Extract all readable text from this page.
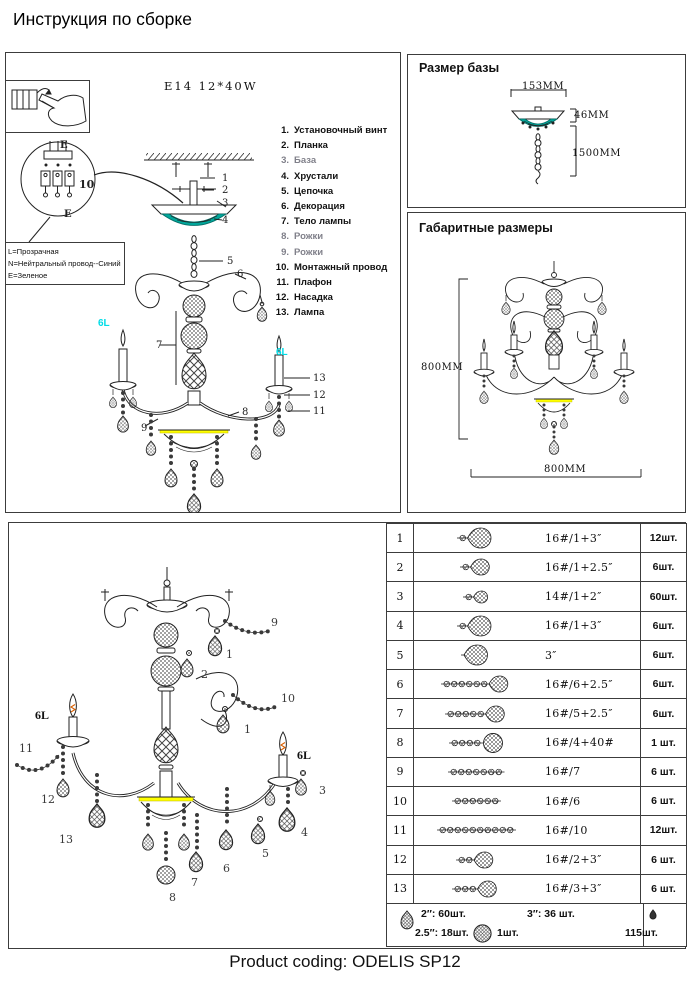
Инструкция по сборке
E
10
E
L=Прозрачная
N=Нейтральный провод--Синий
E=Зеленое
E14 12*40W
1
2
3
4
5
6
7
8
9
13
12
11
6L
6L
1. Установочный винт
2. Планка
3. База
4. Хрустали
5. Цепочка
6. Декорация
7. Тело лампы
8. Рожки
9. Рожки
10. Монтажный провод
11. Плафон
12. Насадка
13. Лампа
Размер базы
153MM
46MM
1500MM
Габаритные размеры
800MM
800MM
9
1
2
10
1
11
12
13
8
7
6
5
4
3
6L
6L
1	16#/1+3″	12шт.
2	16#/1+2.5″	6шт.
3	14#/1+2″	60шт.
4	16#/1+3″	6шт.
5	3″	6шт.
6	16#/6+2.5″	6шт.
7	16#/5+2.5″	6шт.
8	16#/4+40#	1 шт.
9	16#/7	6 шт.
10	16#/6	6 шт.
11	16#/10	12шт.
12	16#/2+3″	6 шт.
13	16#/3+3″	6 шт.
2″: 60шт.	3″: 36 шт.
2.5″: 18шт.	1шт.	115шт.
Product coding: ODELIS SP12
